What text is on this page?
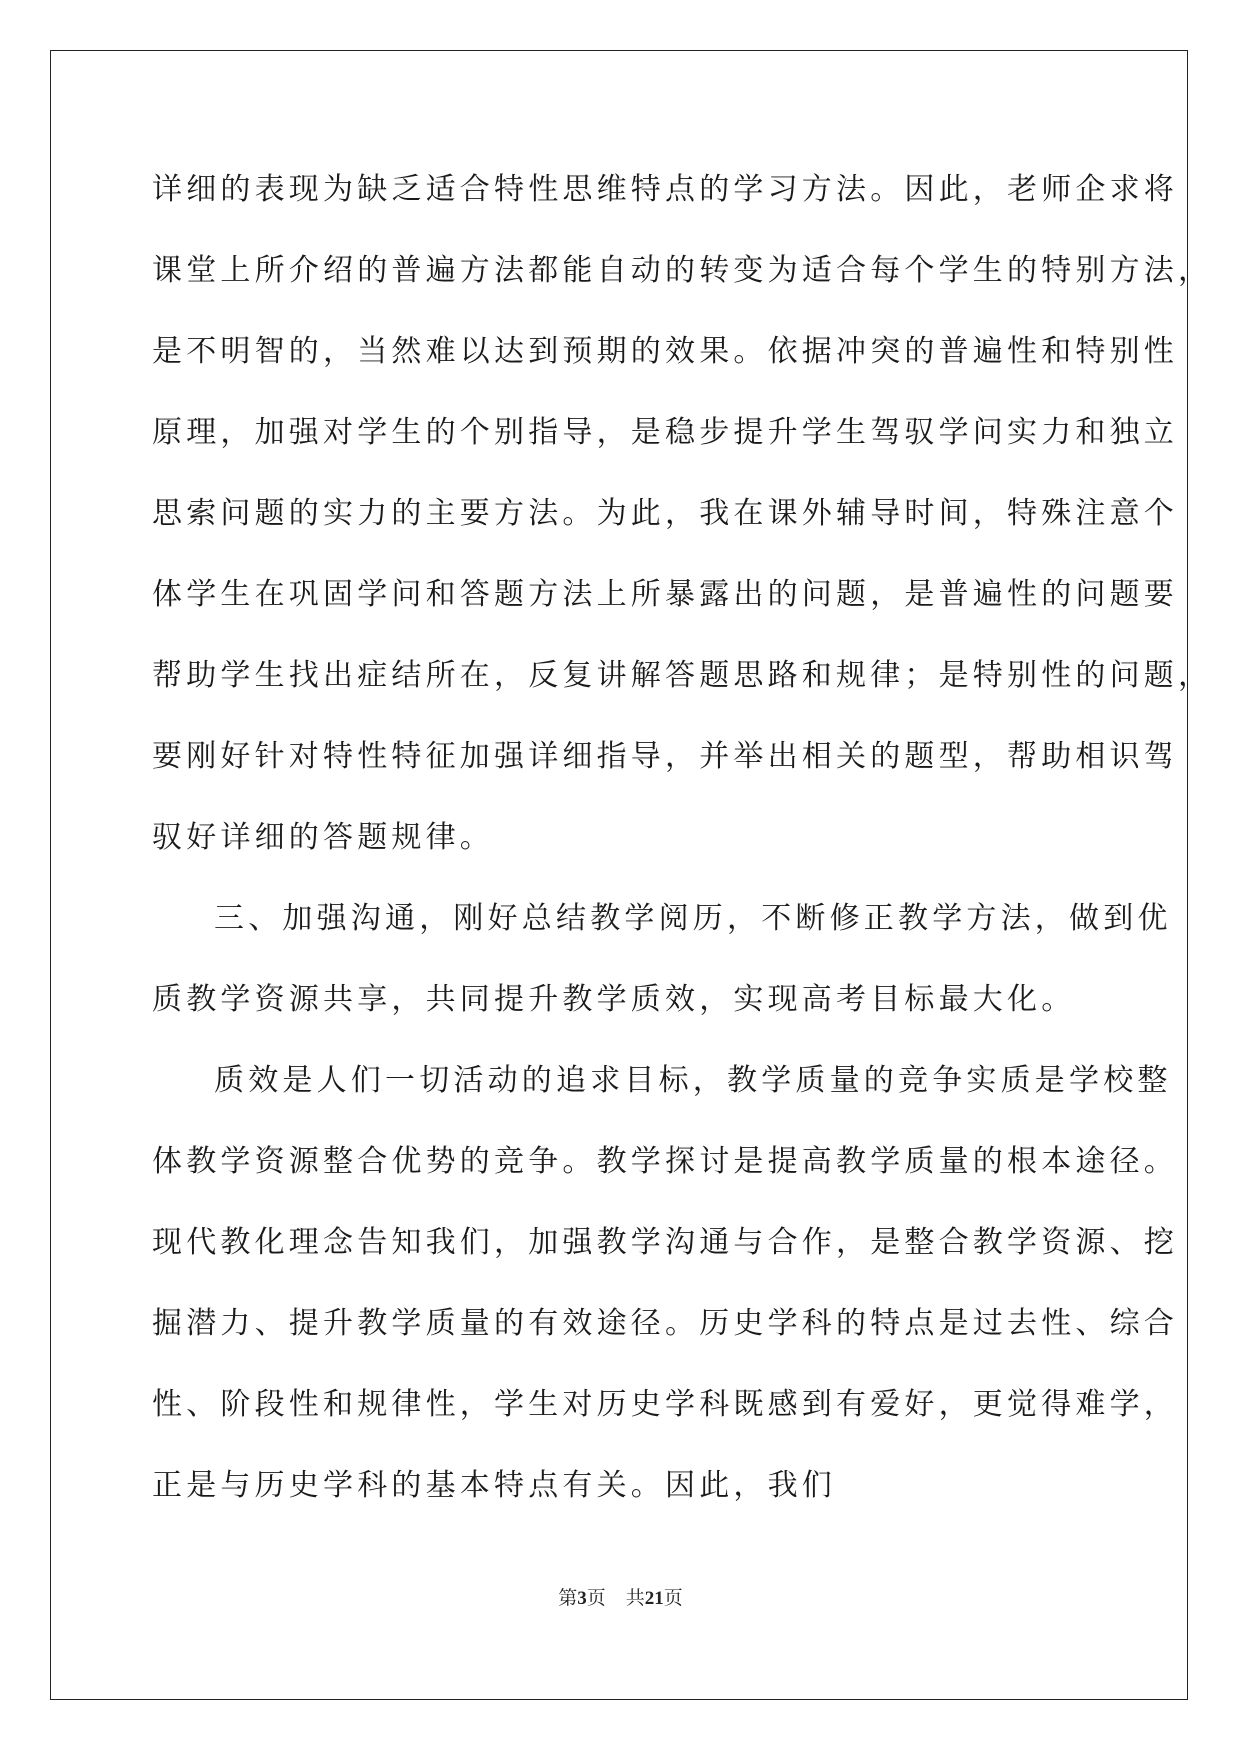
详细的表现为缺乏适合特性思维特点的学习方法。因此，老师企求将
课堂上所介绍的普遍方法都能自动的转变为适合每个学生的特别方法，
是不明智的，当然难以达到预期的效果。依据冲突的普遍性和特别性
原理，加强对学生的个别指导，是稳步提升学生驾驭学问实力和独立
思索问题的实力的主要方法。为此，我在课外辅导时间，特殊注意个
体学生在巩固学问和答题方法上所暴露出的问题，是普遍性的问题要
帮助学生找出症结所在，反复讲解答题思路和规律；是特别性的问题，
要刚好针对特性特征加强详细指导，并举出相关的题型，帮助相识驾
驭好详细的答题规律。
三、加强沟通，刚好总结教学阅历，不断修正教学方法，做到优
质教学资源共享，共同提升教学质效，实现高考目标最大化。
质效是人们一切活动的追求目标，教学质量的竞争实质是学校整
体教学资源整合优势的竞争。教学探讨是提高教学质量的根本途径。
现代教化理念告知我们，加强教学沟通与合作，是整合教学资源、挖
掘潜力、提升教学质量的有效途径。历史学科的特点是过去性、综合
性、阶段性和规律性，学生对历史学科既感到有爱好，更觉得难学，
正是与历史学科的基本特点有关。因此，我们
第3页 共21页
